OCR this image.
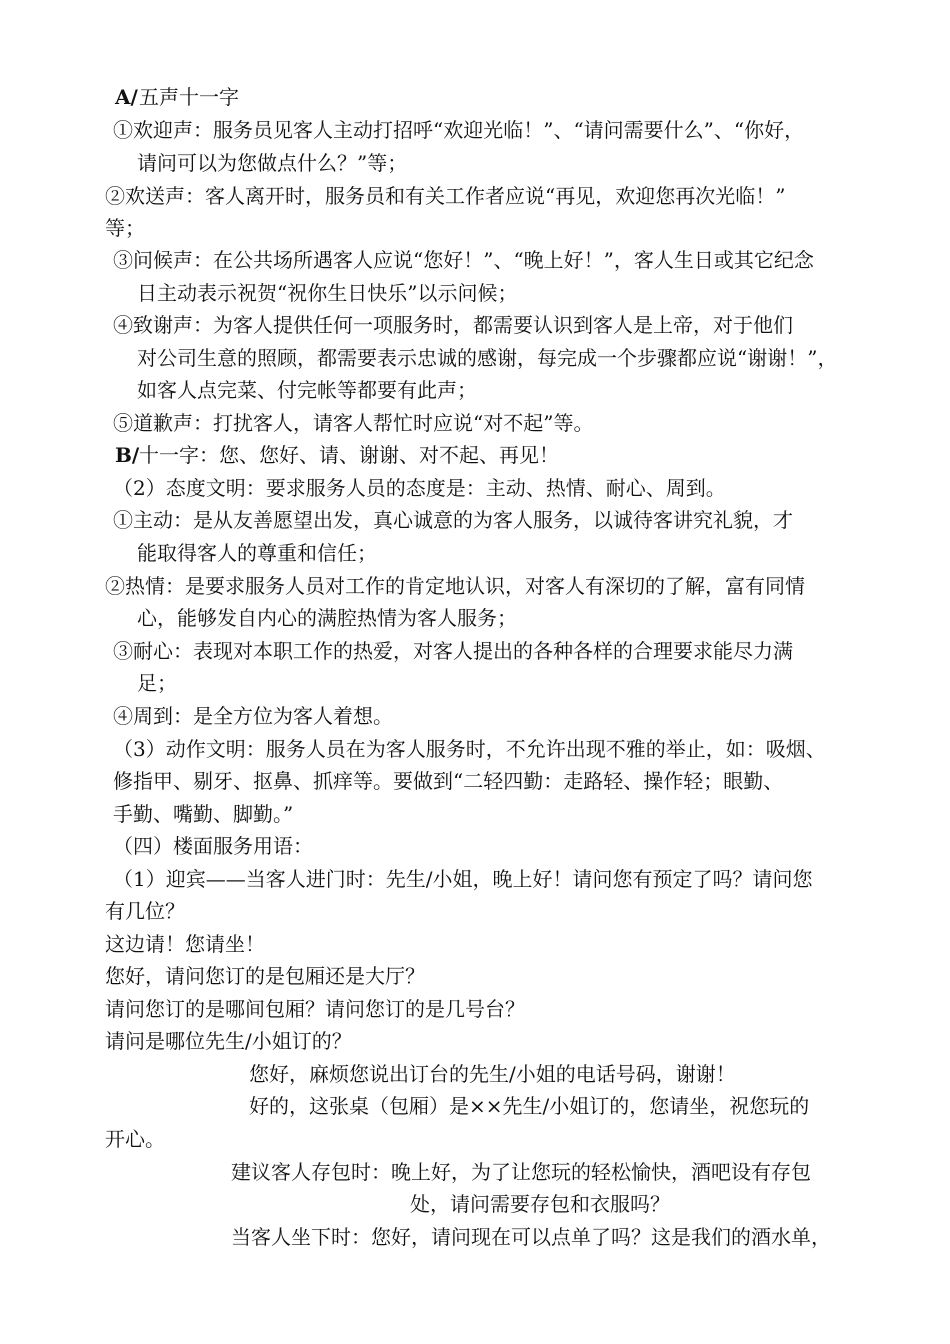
A/ 五声十一字
①欢迎声：服务员见客人主动打招呼“欢迎光临！”、“请问需要什么”、“你好，
请问可以为您做点什么？”等；
②欢送声：客人离开时，服务员和有关工作者应说“再见，欢迎您再次光临！”
等；
③问候声：在公共场所遇客人应说“您好！”、“晚上好！”，客人生日或其它纪念
日主动表示祝贺“祝你生日快乐”以示问候；
④致谢声：为客人提供任何一项服务时，都需要认识到客人是上帝，对于他们
对公司生意的照顾，都需要表示忠诚的感谢，每完成一个步骤都应说“谢谢！”，
如客人点完菜、付完帐等都要有此声；
⑤道歉声：打扰客人，请客人帮忙时应说“对不起”等。
B/ 十一字：您、您好、请、谢谢、对不起、再见！
（2）态度文明：要求服务人员的态度是：主动、热情、耐心、周到。
①主动：是从友善愿望出发，真心诚意的为客人服务，以诚待客讲究礼貌，才
能取得客人的尊重和信任；
②热情：是要求服务人员对工作的肯定地认识，对客人有深切的了解，富有同情
心，能够发自内心的满腔热情为客人服务；
③耐心：表现对本职工作的热爱，对客人提出的各种各样的合理要求能尽力满
足；
④周到：是全方位为客人着想。
（3）动作文明：服务人员在为客人服务时，不允许出现不雅的举止，如：吸烟、
修指甲、剔牙、抠鼻、抓痒等。要做到“二轻四勤：走路轻、操作轻；眼勤、
手勤、嘴勤、脚勤。”
（四）楼面服务用语：
（1）迎宾——当客人进门时：先生/小姐，晚上好！请问您有预定了吗？请问您
有几位？
这边请！您请坐！
您好，请问您订的是包厢还是大厅？
请问您订的是哪间包厢？请问您订的是几号台？
请问是哪位先生/小姐订的？
您好，麻烦您说出订台的先生/小姐的电话号码，谢谢！
好的，这张桌（包厢）是××先生/小姐订的，您请坐，祝您玩的
开心。
建议客人存包时：晚上好，为了让您玩的轻松愉快，酒吧设有存包
处，请问需要存包和衣服吗？
当客人坐下时：您好，请问现在可以点单了吗？这是我们的酒水单，
